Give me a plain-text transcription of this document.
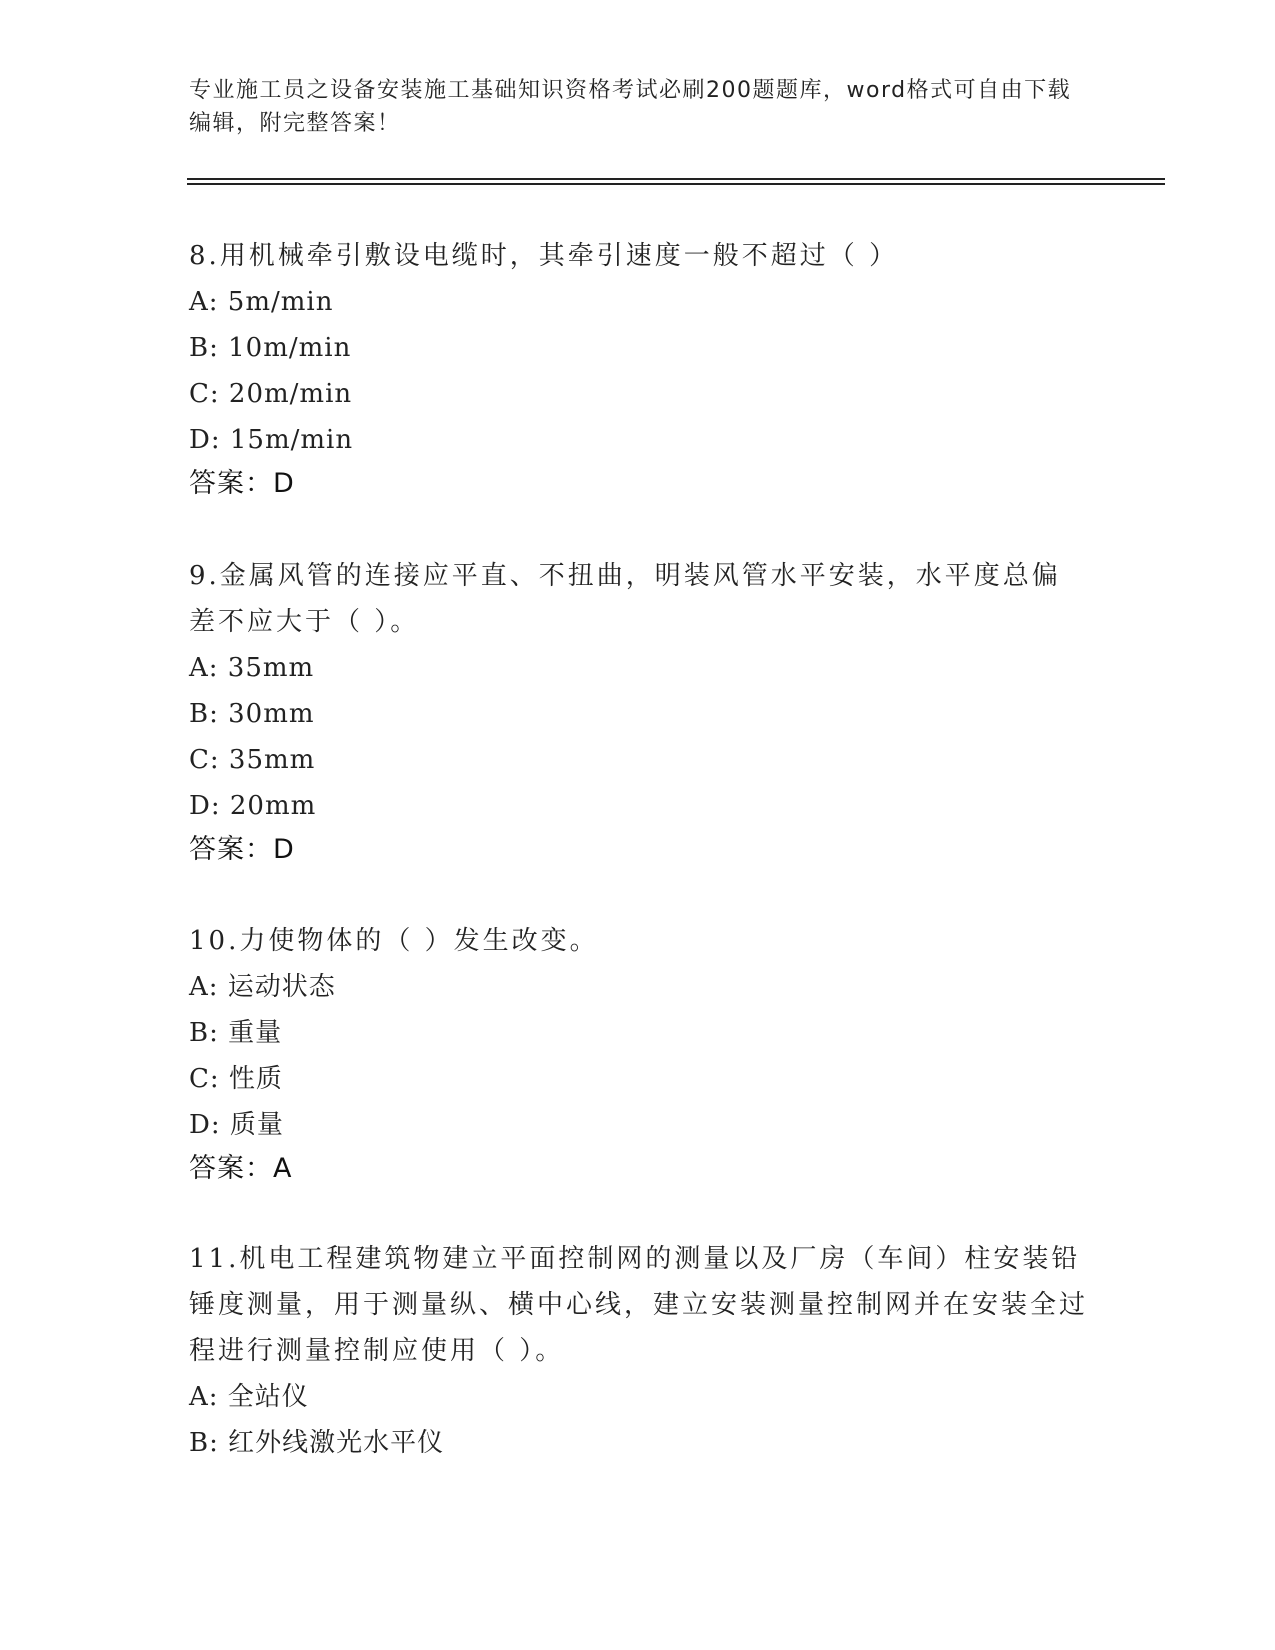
专业施工员之设备安装施工基础知识资格考试必刷200题题库，word格式可自由下载编辑，附完整答案！
8.用机械牵引敷设电缆时，其牵引速度一般不超过（ ）
A: 5m/min
B: 10m/min
C: 20m/min
D: 15m/min
答案：D
9.金属风管的连接应平直、不扭曲，明装风管水平安装，水平度总偏差不应大于（ ）。
A: 35mm
B: 30mm
C: 35mm
D: 20mm
答案：D
10.力使物体的（ ）发生改变。
A: 运动状态
B: 重量
C: 性质
D: 质量
答案：A
11.机电工程建筑物建立平面控制网的测量以及厂房（车间）柱安装铅锤度测量，用于测量纵、横中心线，建立安装测量控制网并在安装全过程进行测量控制应使用（ ）。
A: 全站仪
B: 红外线激光水平仪
